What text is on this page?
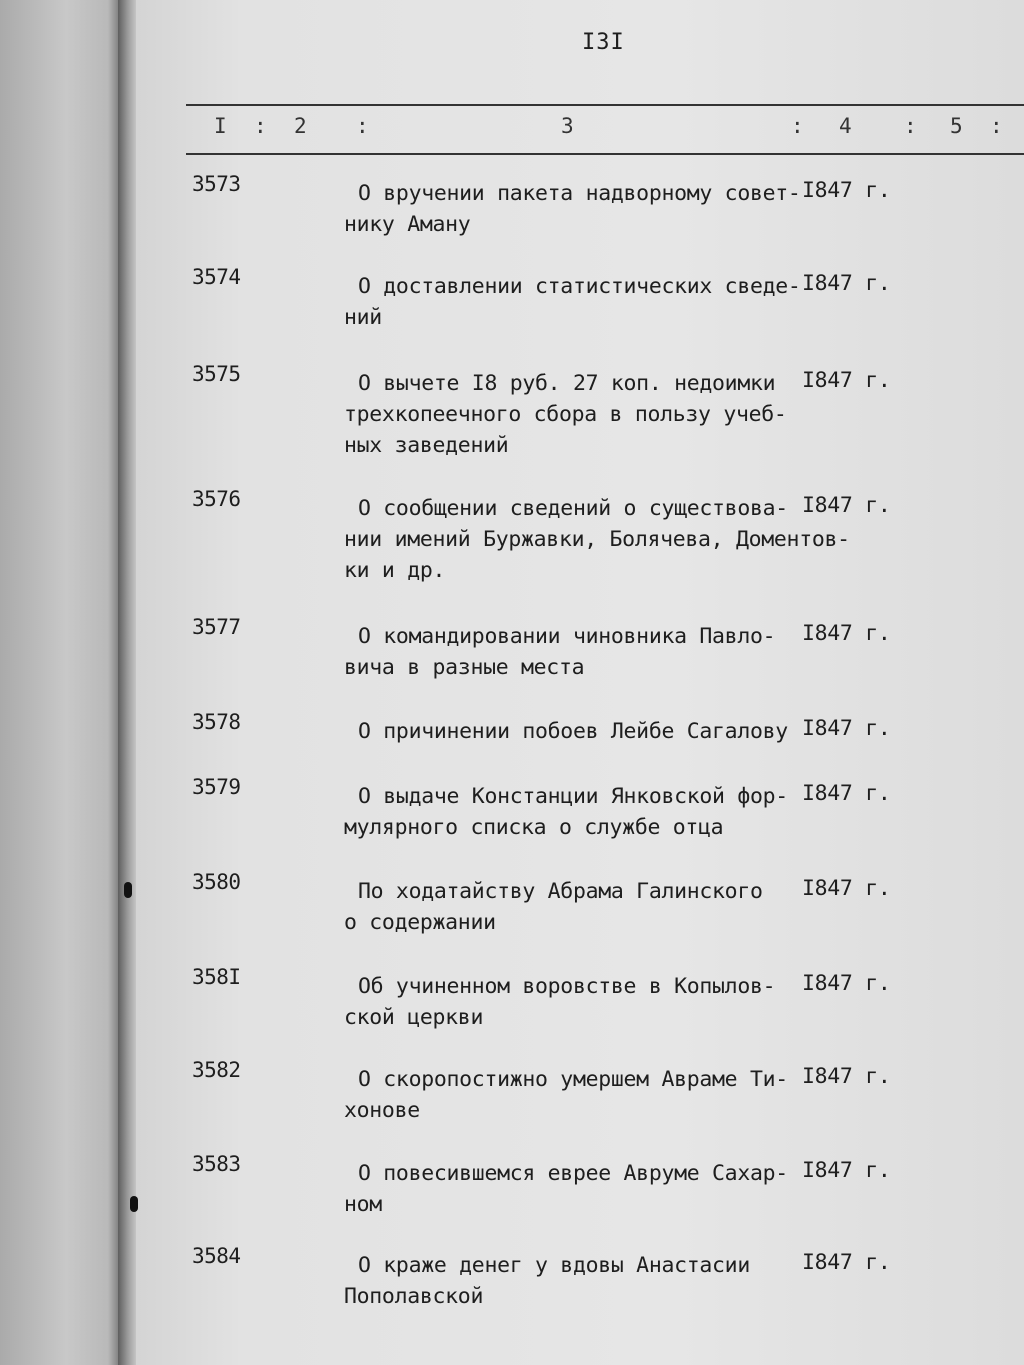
I3I
I : 2 :	3	: 4 : 5 :
3573	О вручении пакета надворному совет-
нику Аману
I847 г.
3574	О доставлении статистических сведе-
ний
I847 г.
3575	О вычете I8 руб. 27 коп. недоимки
трехкопеечного сбора в пользу учеб-
ных заведений
I847 г.
3576	О сообщении сведений о существова-
нии имений Буржавки, Болячева, Доментов-
ки и др.
I847 г.
3577	О командировании чиновника Павло-
вича в разные места
I847 г.
3578	О причинении побоев Лейбе Сагалову I847 г.
3579	О выдаче Констанции Янковской фор-
мулярного списка о службе отца
I847 г.
3580	По ходатайству Абрама Галинского
о содержании
I847 г.
358I	Об учиненном воровстве в Копылов-
ской церкви
I847 г.
3582	О скоропостижно умершем Авраме Ти-
хонове
I847 г.
3583	О повесившемся еврее Авруме Сахар-
ном
I847 г.
3584	О краже денег у вдовы Анастасии
Пополавской
I847 г.
